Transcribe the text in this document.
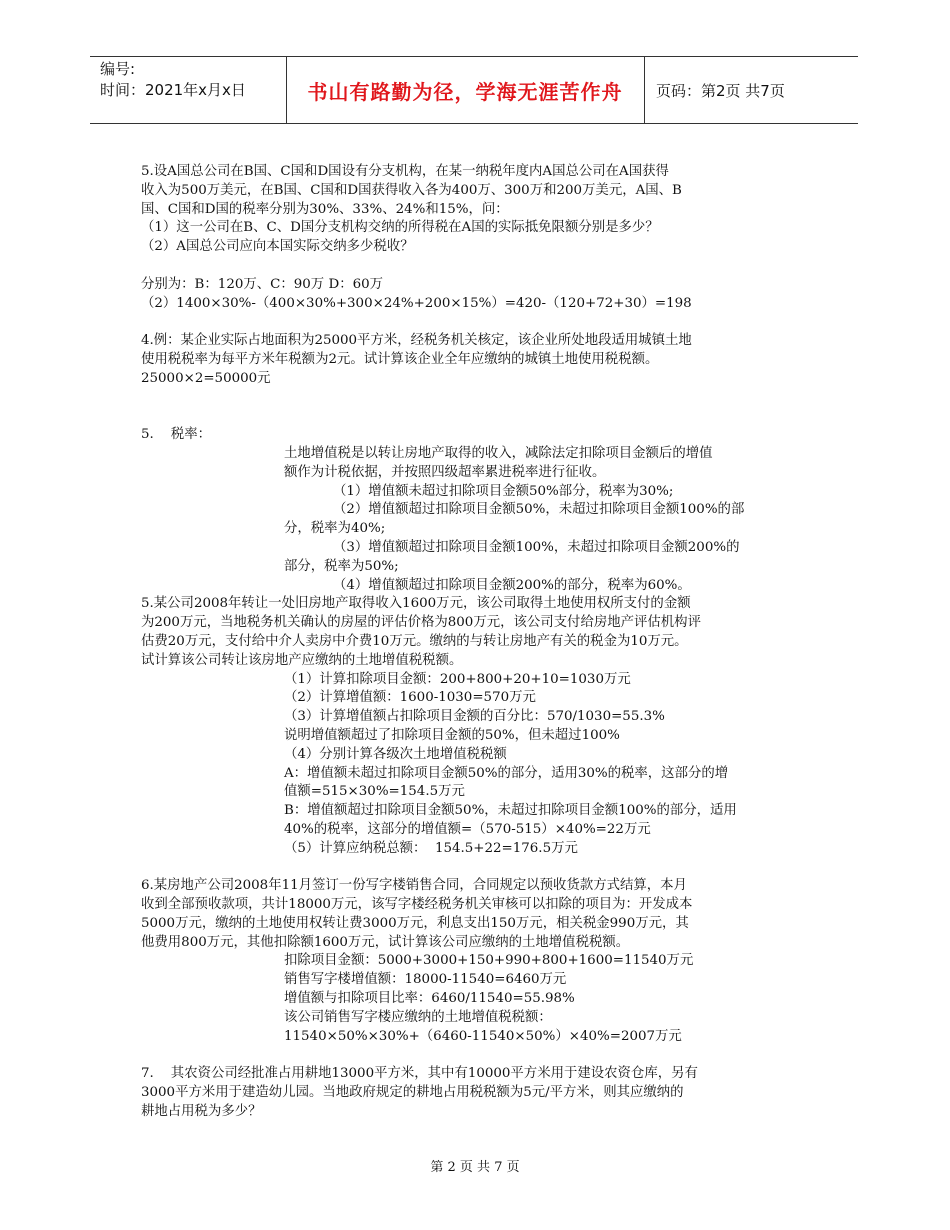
编号:
时间：2021年x月x日	书山有路勤为径，学海无涯苦作舟	页码：第2页 共7页
5.设A国总公司在B国、C国和D国设有分支机构，在某一纳税年度内A国总公司在A国获得
收入为500万美元，在B国、C国和D国获得收入各为400万、300万和200万美元，A国、B
国、C国和D国的税率分别为30%、33%、24%和15%，问：
（1）这一公司在B、C、D国分支机构交纳的所得税在A国的实际抵免限额分别是多少？
（2）A国总公司应向本国实际交纳多少税收？
分别为：B：120万、C：90万 D：60万
（2）1400×30%-（400×30%+300×24%+200×15%）=420-（120+72+30）=198
4.例：某企业实际占地面积为25000平方米，经税务机关核定，该企业所处地段适用城镇土地
使用税税率为每平方米年税额为2元。试计算该企业全年应缴纳的城镇土地使用税税额。
25000×2=50000元
5.    税率：
土地增值税是以转让房地产取得的收入，减除法定扣除项目金额后的增值
额作为计税依据，并按照四级超率累进税率进行征收。
（1）增值额未超过扣除项目金额50%部分，税率为30%;
（2）增值额超过扣除项目金额50%，未超过扣除项目金额100%的部
分，税率为40%;
（3）增值额超过扣除项目金额100%，未超过扣除项目金额200%的
部分，税率为50%;
（4）增值额超过扣除项目金额200%的部分，税率为60%。
5.某公司2008年转让一处旧房地产取得收入1600万元，该公司取得土地使用权所支付的金额
为200万元，当地税务机关确认的房屋的评估价格为800万元，该公司支付给房地产评估机构评
估费20万元，支付给中介人卖房中介费10万元。缴纳的与转让房地产有关的税金为10万元。
试计算该公司转让该房地产应缴纳的土地增值税税额。
（1）计算扣除项目金额：200+800+20+10=1030万元
（2）计算增值额：1600-1030=570万元
（3）计算增值额占扣除项目金额的百分比：570/1030=55.3%
说明增值额超过了扣除项目金额的50%，但未超过100%
（4）分别计算各级次土地增值税税额
A：增值额未超过扣除项目金额50%的部分，适用30%的税率，这部分的增
值额=515×30%=154.5万元
B：增值额超过扣除项目金额50%，未超过扣除项目金额100%的部分，适用
40%的税率，这部分的增值额=（570-515）×40%=22万元
（5）计算应纳税总额：  154.5+22=176.5万元
6.某房地产公司2008年11月签订一份写字楼销售合同，合同规定以预收货款方式结算，本月
收到全部预收款项，共计18000万元，该写字楼经税务机关审核可以扣除的项目为：开发成本
5000万元，缴纳的土地使用权转让费3000万元，利息支出150万元，相关税金990万元，其
他费用800万元，其他扣除额1600万元，试计算该公司应缴纳的土地增值税税额。
扣除项目金额：5000+3000+150+990+800+1600=11540万元
销售写字楼增值额：18000-11540=6460万元
增值额与扣除项目比率：6460/11540=55.98%
该公司销售写字楼应缴纳的土地增值税税额：
11540×50%×30%+（6460-11540×50%）×40%=2007万元
7.    其农资公司经批准占用耕地13000平方米，其中有10000平方米用于建设农资仓库，另有
3000平方米用于建造幼儿园。当地政府规定的耕地占用税税额为5元/平方米，则其应缴纳的
耕地占用税为多少？
第 2 页 共 7 页
